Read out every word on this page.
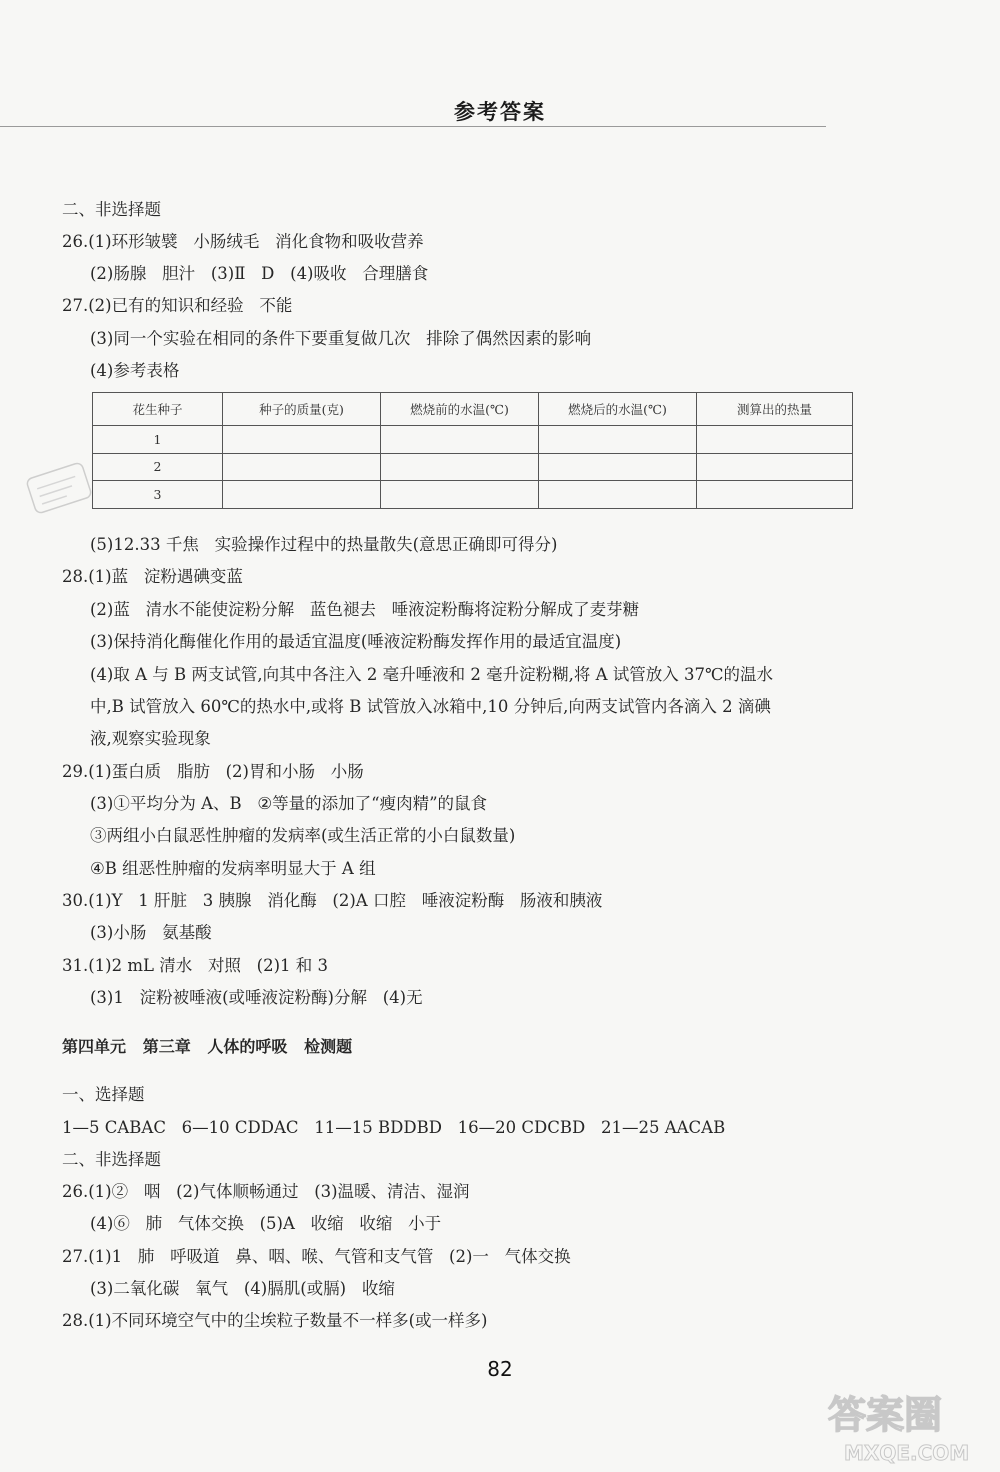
参考答案
二、非选择题
26.(1)环形皱襞   小肠绒毛   消化食物和吸收营养
(2)肠腺   胆汁   (3)Ⅱ   D   (4)吸收   合理膳食
27.(2)已有的知识和经验   不能
(3)同一个实验在相同的条件下要重复做几次   排除了偶然因素的影响
(4)参考表格
花生种子	种子的质量(克)	燃烧前的水温(℃)	燃烧后的水温(℃)	测算出的热量
1				
2				
3				
(5)12.33 千焦   实验操作过程中的热量散失(意思正确即可得分)
28.(1)蓝   淀粉遇碘变蓝
(2)蓝   清水不能使淀粉分解   蓝色褪去   唾液淀粉酶将淀粉分解成了麦芽糖
(3)保持消化酶催化作用的最适宜温度(唾液淀粉酶发挥作用的最适宜温度)
(4)取 A 与 B 两支试管,向其中各注入 2 毫升唾液和 2 毫升淀粉糊,将 A 试管放入 37℃的温水
中,B 试管放入 60℃的热水中,或将 B 试管放入冰箱中,10 分钟后,向两支试管内各滴入 2 滴碘
液,观察实验现象
29.(1)蛋白质   脂肪   (2)胃和小肠   小肠
(3)①平均分为 A、B   ②等量的添加了“瘦肉精”的鼠食
③两组小白鼠恶性肿瘤的发病率(或生活正常的小白鼠数量)
④B 组恶性肿瘤的发病率明显大于 A 组
30.(1)Y   1 肝脏   3 胰腺   消化酶   (2)A 口腔   唾液淀粉酶   肠液和胰液
(3)小肠   氨基酸
31.(1)2 mL 清水   对照   (2)1 和 3
(3)1   淀粉被唾液(或唾液淀粉酶)分解   (4)无
第四单元   第三章   人体的呼吸   检测题
一、选择题
1—5 CABAC   6—10 CDDAC   11—15 BDDBD   16—20 CDCBD   21—25 AACAB
二、非选择题
26.(1)②   咽   (2)气体顺畅通过   (3)温暖、清洁、湿润
(4)⑥   肺   气体交换   (5)A   收缩   收缩   小于
27.(1)1   肺   呼吸道   鼻、咽、喉、气管和支气管   (2)一   气体交换
(3)二氧化碳   氧气   (4)膈肌(或膈)   收缩
28.(1)不同环境空气中的尘埃粒子数量不一样多(或一样多)
82
答案圈
MXQE.COM
